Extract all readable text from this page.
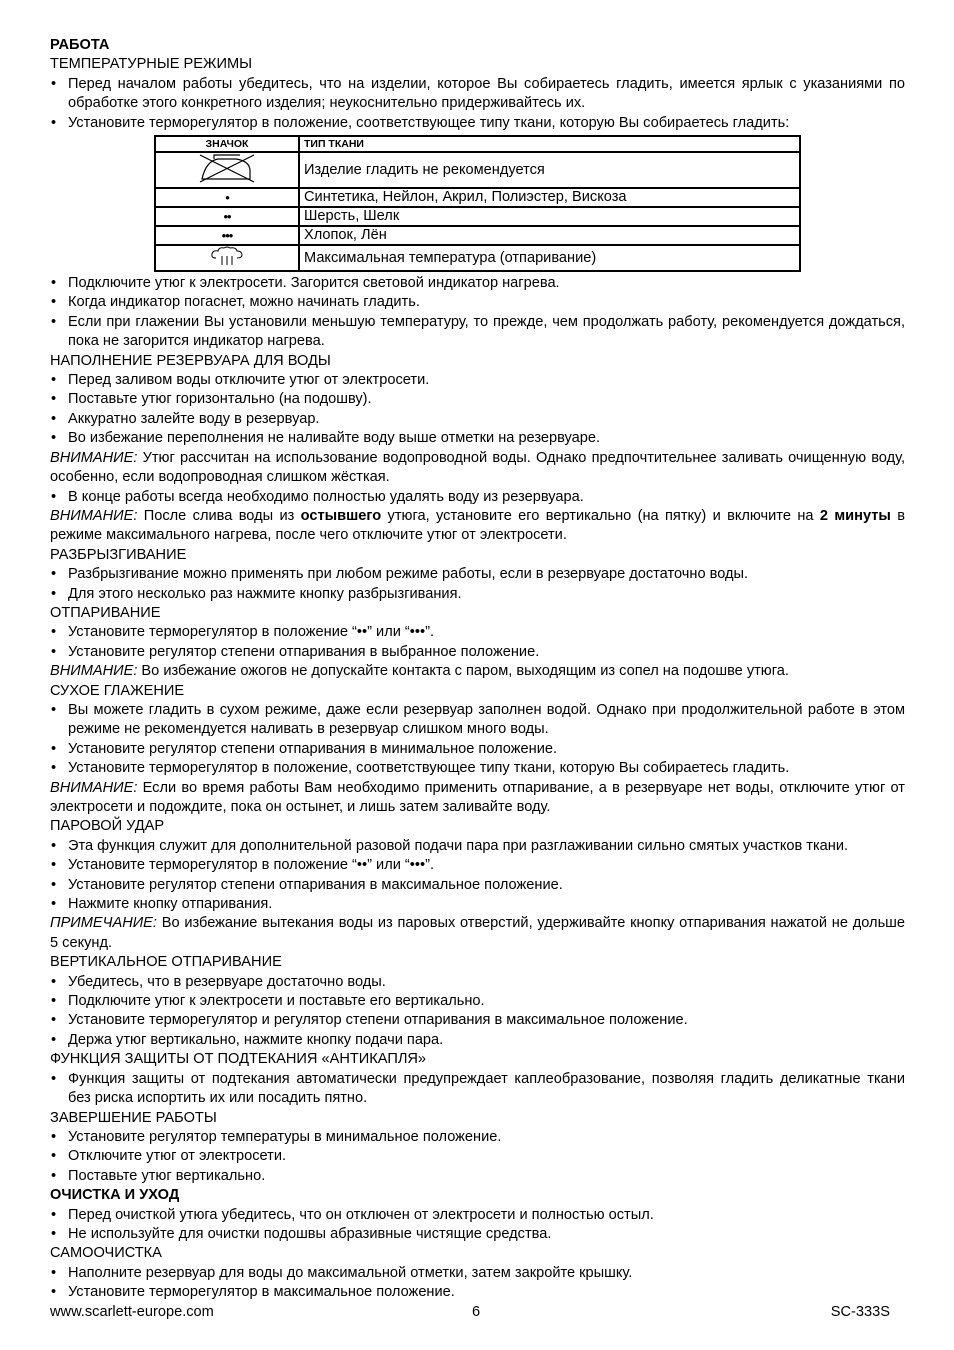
РАБОТА

ТЕМПЕРАТУРНЫЕ РЕЖИМЫ

• Перед началом работы убедитесь, что на изделии, которое Вы собираетесь гладить, имеется ярлык с указаниями по обработке этого конкретного изделия; неукоснительно придерживайтесь их.
• Установите терморегулятор в положение, соответствующее типу ткани, которую Вы собираетесь гладить:
ЗНАЧОК	ТИП ТКАНИ
	Изделие гладить не рекомендуется
•	Синтетика, Нейлон, Акрил, Полиэстер, Вискоза
••	Шерсть, Шелк
•••	Хлопок, Лён
	Максимальная температура (отпаривание)
• Подключите утюг к электросети. Загорится световой индикатор нагрева.
• Когда индикатор погаснет, можно начинать гладить.
• Если при глажении Вы установили меньшую температуру, то прежде, чем продолжать работу, рекомендуется дождаться, пока не загорится индикатор нагрева.

НАПОЛНЕНИЕ РЕЗЕРВУАРА ДЛЯ ВОДЫ

• Перед заливом воды отключите утюг от электросети.
• Поставьте утюг горизонтально (на подошву).
• Аккуратно залейте воду в резервуар.
• Во избежание переполнения не наливайте воду выше отметки на резервуаре.

ВНИМАНИЕ: Утюг рассчитан на использование водопроводной воды. Однако предпочтительнее заливать очищенную воду, особенно, если водопроводная слишком жёсткая.

• В конце работы всегда необходимо полностью удалять воду из резервуара.

ВНИМАНИЕ: После слива воды из остывшего утюга, установите его вертикально (на пятку) и включите на 2 минуты в режиме максимального нагрева, после чего отключите утюг от электросети.

РАЗБРЫЗГИВАНИЕ

• Разбрызгивание можно применять при любом режиме работы, если в резервуаре достаточно воды.
• Для этого несколько раз нажмите кнопку разбрызгивания.

ОТПАРИВАНИЕ

• Установите терморегулятор в положение “••” или “•••”.
• Установите регулятор степени отпаривания в выбранное положение.

ВНИМАНИЕ: Во избежание ожогов не допускайте контакта с паром, выходящим из сопел на подошве утюга.

СУХОЕ ГЛАЖЕНИЕ

• Вы можете гладить в сухом режиме, даже если резервуар заполнен водой. Однако при продолжительной работе в этом режиме не рекомендуется наливать в резервуар слишком много воды.
• Установите регулятор степени отпаривания в минимальное положение.
• Установите терморегулятор в положение, соответствующее типу ткани, которую Вы собираетесь гладить.

ВНИМАНИЕ: Если во время работы Вам необходимо применить отпаривание, а в резервуаре нет воды, отключите утюг от электросети и подождите, пока он остынет, и лишь затем заливайте воду.

ПАРОВОЙ УДАР

• Эта функция служит для дополнительной разовой подачи пара при разглаживании сильно смятых участков ткани.
• Установите терморегулятор в положение “••” или “•••”.
• Установите регулятор степени отпаривания в максимальное положение.
• Нажмите кнопку отпаривания.

ПРИМЕЧАНИЕ: Во избежание вытекания воды из паровых отверстий, удерживайте кнопку отпаривания нажатой не дольше 5 секунд.

ВЕРТИКАЛЬНОЕ ОТПАРИВАНИЕ

• Убедитесь, что в резервуаре достаточно воды.
• Подключите утюг к электросети и поставьте его вертикально.
• Установите терморегулятор и регулятор степени отпаривания в максимальное положение.
• Держа утюг вертикально, нажмите кнопку подачи пара.

ФУНКЦИЯ ЗАЩИТЫ ОТ ПОДТЕКАНИЯ «АНТИКАПЛЯ»

• Функция защиты от подтекания автоматически предупреждает каплеобразование, позволяя гладить деликатные ткани без риска испортить их или посадить пятно.

ЗАВЕРШЕНИЕ РАБОТЫ

• Установите регулятор температуры в минимальное положение.
• Отключите утюг от электросети.
• Поставьте утюг вертикально.

ОЧИСТКА И УХОД

• Перед очисткой утюга убедитесь, что он отключен от электросети и полностью остыл.
• Не используйте для очистки подошвы абразивные чистящие средства.

САМООЧИСТКА

• Наполните резервуар для воды до максимальной отметки, затем закройте крышку.
• Установите терморегулятор в максимальное положение.
www.scarlett-europe.com	6	SC-333S
